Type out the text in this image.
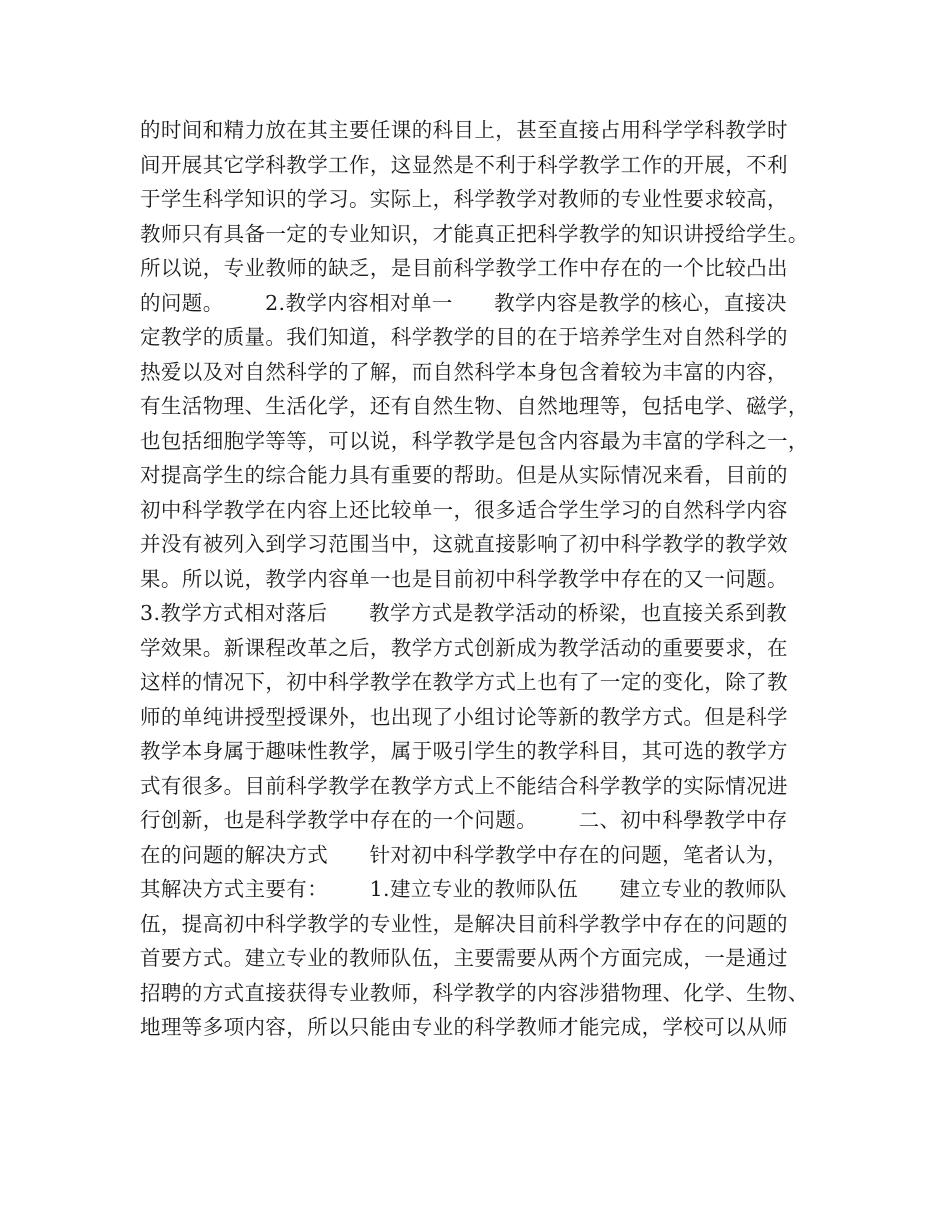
的时间和精力放在其主要任课的科目上，甚至直接占用科学学科教学时
间开展其它学科教学工作，这显然是不利于科学教学工作的开展，不利
于学生科学知识的学习。实际上，科学教学对教师的专业性要求较高，
教师只有具备一定的专业知识，才能真正把科学教学的知识讲授给学生。
所以说，专业教师的缺乏，是目前科学教学工作中存在的一个比较凸出
的问题。      2.教学内容相对单一      教学内容是教学的核心，直接决
定教学的质量。我们知道，科学教学的目的在于培养学生对自然科学的
热爱以及对自然科学的了解，而自然科学本身包含着较为丰富的内容，
有生活物理、生活化学，还有自然生物、自然地理等，包括电学、磁学，
也包括细胞学等等，可以说，科学教学是包含内容最为丰富的学科之一，
对提高学生的综合能力具有重要的帮助。但是从实际情况来看，目前的
初中科学教学在内容上还比较单一，很多适合学生学习的自然科学内容
并没有被列入到学习范围当中，这就直接影响了初中科学教学的教学效
果。所以说，教学内容单一也是目前初中科学教学中存在的又一问题。
3.教学方式相对落后      教学方式是教学活动的桥梁，也直接关系到教
学效果。新课程改革之后，教学方式创新成为教学活动的重要要求，在
这样的情况下，初中科学教学在教学方式上也有了一定的变化，除了教
师的单纯讲授型授课外，也出现了小组讨论等新的教学方式。但是科学
教学本身属于趣味性教学，属于吸引学生的教学科目，其可选的教学方
式有很多。目前科学教学在教学方式上不能结合科学教学的实际情况进
行创新，也是科学教学中存在的一个问题。      二、初中科學教学中存
在的问题的解决方式      针对初中科学教学中存在的问题，笔者认为，
其解决方式主要有：      1.建立专业的教师队伍      建立专业的教师队
伍，提高初中科学教学的专业性，是解决目前科学教学中存在的问题的
首要方式。建立专业的教师队伍，主要需要从两个方面完成，一是通过
招聘的方式直接获得专业教师，科学教学的内容涉猎物理、化学、生物、
地理等多项内容，所以只能由专业的科学教师才能完成，学校可以从师
